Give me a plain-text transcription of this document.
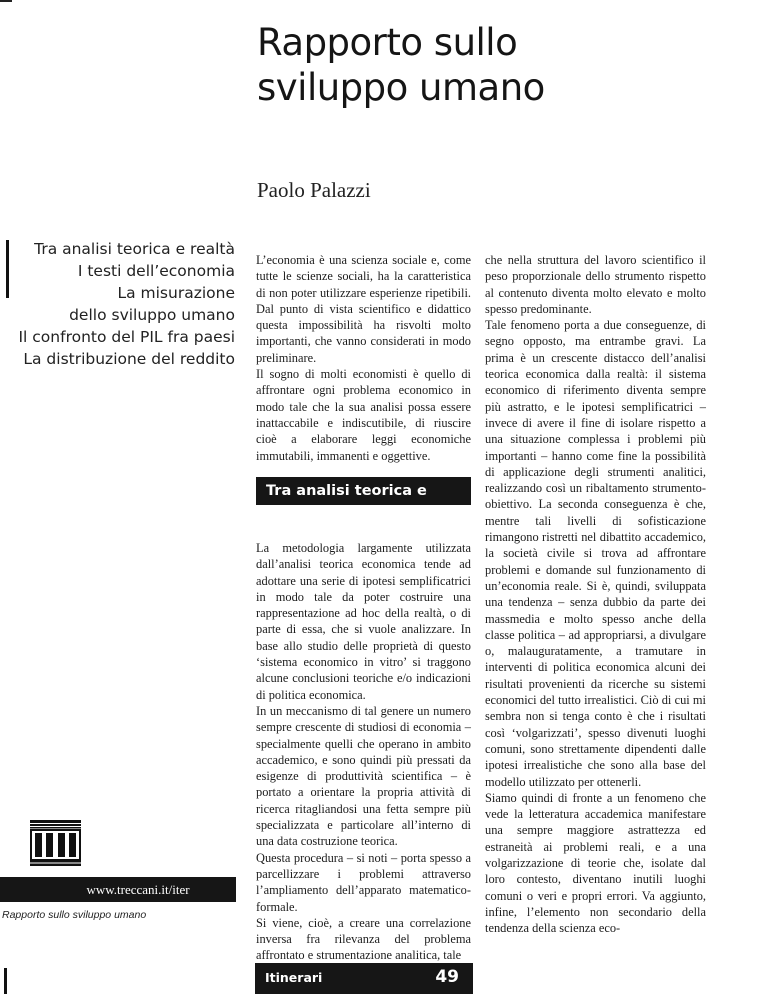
Rapporto sullo
sviluppo umano
Paolo Palazzi
Tra analisi teorica e realtà
I testi dell’economia
La misurazione
dello sviluppo umano
Il confronto del PIL fra paesi
La distribuzione del reddito

L’economia è una scienza sociale e, come tutte le scienze sociali, ha la caratteristica di non poter utilizzare esperienze ripetibili. Dal punto di vista scientifico e didattico questa impossibilità ha risvolti molto importanti, che vanno considerati in modo preliminare.

Il sogno di molti economisti è quello di affrontare ogni problema economico in modo tale che la sua analisi possa essere inattaccabile e indiscutibile, di riuscire cioè a elaborare leggi economiche immutabili, immanenti e oggettive.

Tra analisi teorica e realtà

La metodologia largamente utilizzata dall’analisi teorica economica tende ad adottare una serie di ipotesi semplificatrici in modo tale da poter costruire una rappresentazione ad hoc della realtà, o di parte di essa, che si vuole analizzare. In base allo studio delle proprietà di questo ‘sistema economico in vitro’ si traggono alcune conclusioni teoriche e/o indicazioni di politica economica.

In un meccanismo di tal genere un numero sempre crescente di studiosi di economia – specialmente quelli che operano in ambito accademico, e sono quindi più pressati da esigenze di produttività scientifica – è portato a orientare la propria attività di ricerca ritagliandosi una fetta sempre più specializzata e particolare all’interno di una data costruzione teorica.

Questa procedura – si noti – porta spesso a parcellizzare i problemi attraverso l’ampliamento dell’apparato matematico-formale.

Si viene, cioè, a creare una correlazione inversa fra rilevanza del problema affrontato e strumentazione analitica, tale

che nella struttura del lavoro scientifico il peso proporzionale dello strumento rispetto al contenuto diventa molto elevato e molto spesso predominante.

Tale fenomeno porta a due conseguenze, di segno opposto, ma entrambe gravi. La prima è un crescente distacco dell’analisi teorica economica dalla realtà: il sistema economico di riferimento diventa sempre più astratto, e le ipotesi semplificatrici – invece di avere il fine di isolare rispetto a una situazione complessa i problemi più importanti – hanno come fine la possibilità di applicazione degli strumenti analitici, realizzando così un ribaltamento strumento-obiettivo. La seconda conseguenza è che, mentre tali livelli di sofisticazione rimangono ristretti nel dibattito accademico, la società civile si trova ad affrontare problemi e domande sul funzionamento di un’economia reale. Si è, quindi, sviluppata una tendenza – senza dubbio da parte dei massmedia e molto spesso anche della classe politica – ad appropriarsi, a divulgare o, malauguratamente, a tramutare in interventi di politica economica alcuni dei risultati provenienti da ricerche su sistemi economici del tutto irrealistici. Ciò di cui mi sembra non si tenga conto è che i risultati così ‘volgarizzati’, spesso divenuti luoghi comuni, sono strettamente dipendenti dalle ipotesi irrealistiche che sono alla base del modello utilizzato per ottenerli.

Siamo quindi di fronte a un fenomeno che vede la letteratura accademica manifestare una sempre maggiore astrattezza ed estraneità ai problemi reali, e a una volgarizzazione di teorie che, isolate dal loro contesto, diventano inutili luoghi comuni o veri e propri errori. Va aggiunto, infine, l’elemento non secondario della tendenza della scienza eco-

www.treccani.it/iter
Rapporto sullo sviluppo umano
Itinerari	49
